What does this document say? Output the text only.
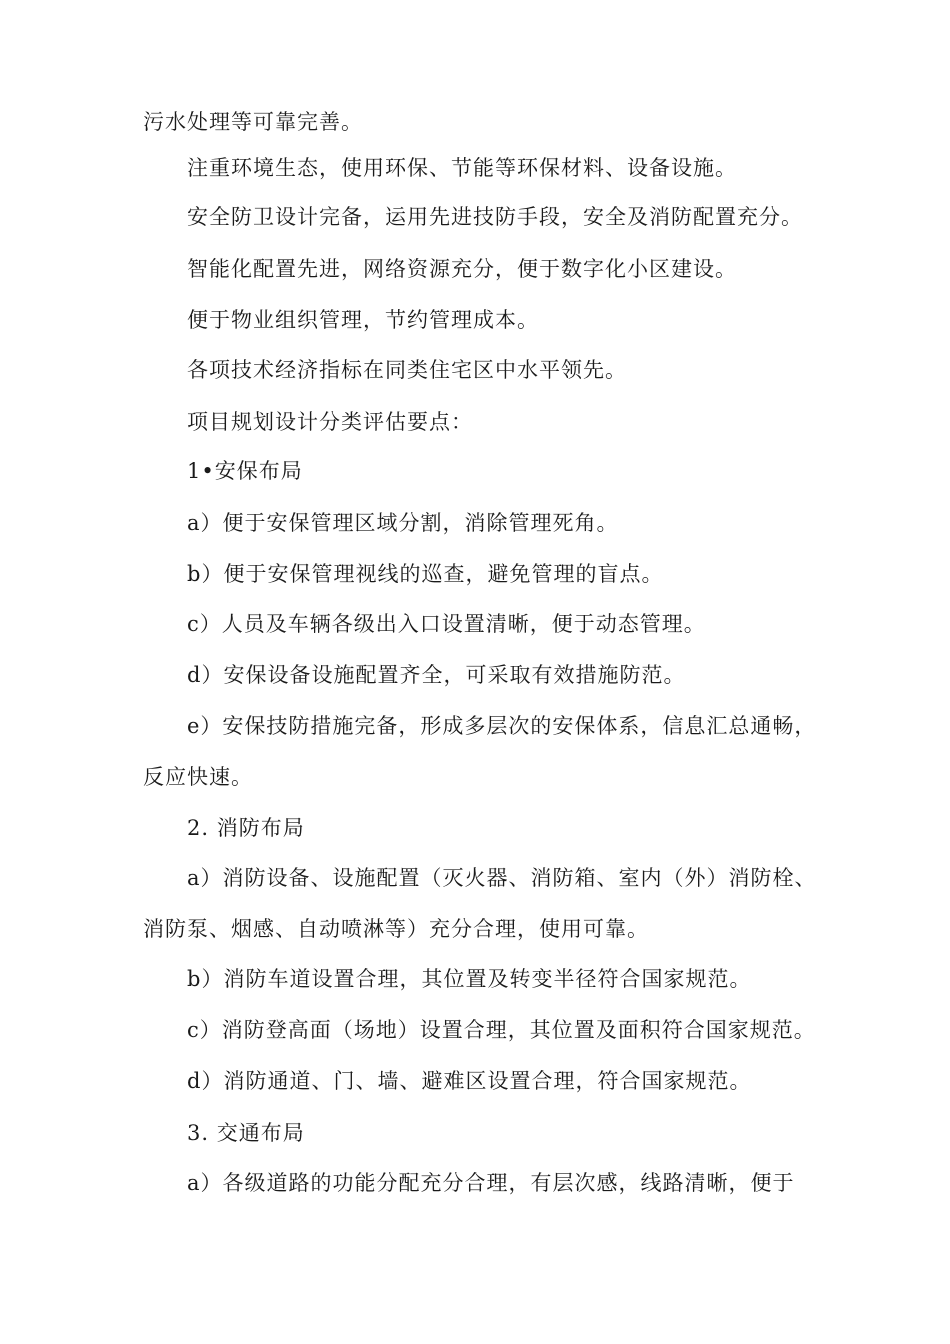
污水处理等可靠完善。
注重环境生态，使用环保、节能等环保材料、设备设施。
安全防卫设计完备，运用先进技防手段，安全及消防配置充分。
智能化配置先进，网络资源充分，便于数字化小区建设。
便于物业组织管理，节约管理成本。
各项技术经济指标在同类住宅区中水平领先。
项目规划设计分类评估要点：
1•安保布局
a）便于安保管理区域分割，消除管理死角。
b）便于安保管理视线的巡查，避免管理的盲点。
c）人员及车辆各级出入口设置清晰，便于动态管理。
d）安保设备设施配置齐全，可采取有效措施防范。
e）安保技防措施完备，形成多层次的安保体系，信息汇总通畅，
反应快速。
2. 消防布局
a）消防设备、设施配置（灭火器、消防箱、室内（外）消防栓、
消防泵、烟感、自动喷淋等）充分合理，使用可靠。
b）消防车道设置合理，其位置及转变半径符合国家规范。
c）消防登高面（场地）设置合理，其位置及面积符合国家规范。
d）消防通道、门、墙、避难区设置合理，符合国家规范。
3. 交通布局
a）各级道路的功能分配充分合理，有层次感，线路清晰，便于
